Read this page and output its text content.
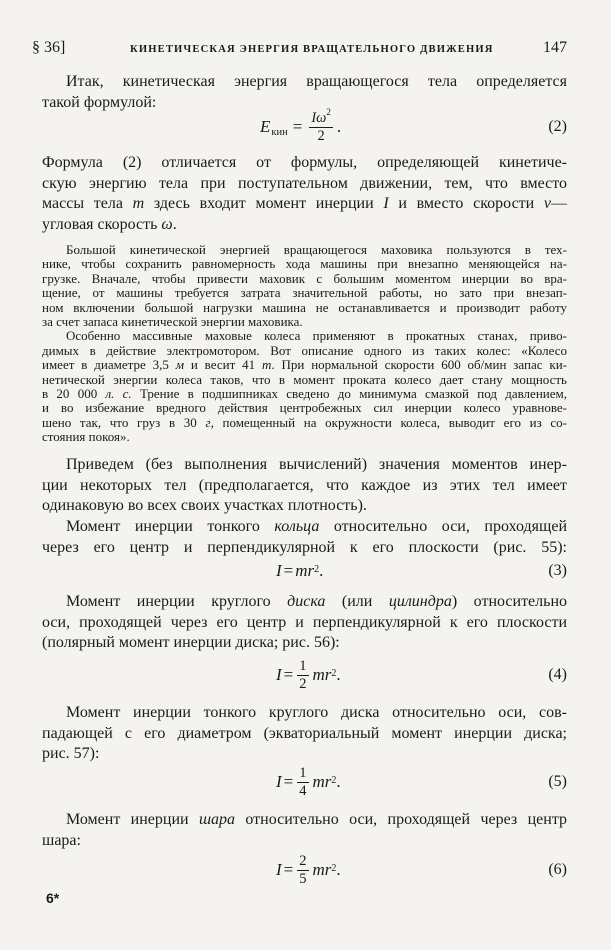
§ 36]	КИНЕТИЧЕСКАЯ ЭНЕРГИЯ ВРАЩАТЕЛЬНОГО ДВИЖЕНИЯ	147
Итак, кинетическая энергия вращающегося тела определяется
такой формулой:
E кин = $\frac{I\omega^2}{2}$ .	(2)
Формула (2) отличается от формулы, определяющей кинетиче-
скую энергию тела при поступательном движении, тем, что вместо
массы тела m здесь входит момент инерции I и вместо скорости v—
угловая скорость ω.
Большой кинетической энергией вращающегося маховика пользуются в тех-
нике, чтобы сохранить равномерность хода машины при внезапно меняющейся на-
грузке. Вначале, чтобы привести маховик с большим моментом инерции во вра-
щение, от машины требуется затрата значительной работы, но зато при внезап-
ном включении большой нагрузки машина не останавливается и производит работу
за счет запаса кинетической энергии маховика.
Особенно массивные маховые колеса применяют в прокатных станах, приво-
димых в действие электромотором. Вот описание одного из таких колес: «Колесо
имеет в диаметре 3,5 м и весит 41 т. При нормальной скорости 600 об/мин запас ки-
нетической энергии колеса таков, что в момент проката колесо дает стану мощность
в 20 000 л. с. Трение в подшипниках сведено до минимума смазкой под давлением,
и во избежание вредного действия центробежных сил инерции колесо уравнове-
шено так, что груз в 30 г, помещенный на окружности колеса, выводит его из со-
стояния покоя».
Приведем (без выполнения вычислений) значения моментов инер-
ции некоторых тел (предполагается, что каждое из этих тел имеет
одинаковую во всех своих участках плотность).
Момент инерции тонкого кольца относительно оси, проходящей
через его центр и перпендикулярной к его плоскости (рис. 55):
$I = mr^2$ .	(3)
Момент инерции круглого диска (или цилиндра) относительно
оси, проходящей через его центр и перпендикулярной к его плоскости
(полярный момент инерции диска; рис. 56):
$I = \frac{1}{2} mr^2$ .	(4)
Момент инерции тонкого круглого диска относительно оси, сов-
падающей с его диаметром (экваториальный момент инерции диска;
рис. 57):
$I = \frac{1}{4} mr^2$ .	(5)
Момент инерции шара относительно оси, проходящей через центр
шара:
$I = \frac{2}{5} mr^2$ .	(6)
6*
